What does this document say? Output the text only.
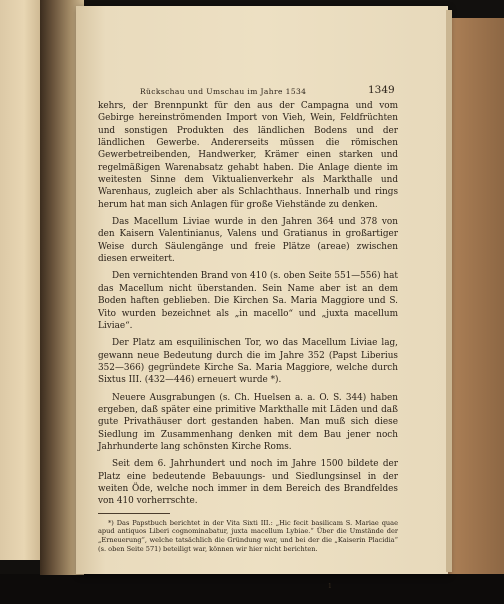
Rückschau und Umschau im Jahre 1534	1349

kehrs, der Brennpunkt für den aus der Campagna und vom Gebirge hereinströmenden Import von Vieh, Wein, Feldfrüchten und sonstigen Produkten des ländlichen Bodens und der ländlichen Gewerbe. Andererseits müssen die römischen Gewerbetreibenden, Handwerker, Krämer einen starken und regelmäßigen Warenabsatz gehabt haben. Die Anlage diente im weitesten Sinne dem Viktualienverkehr als Markthalle und Warenhaus, zugleich aber als Schlachthaus. Innerhalb und rings herum hat man sich Anlagen für große Viehstände zu denken.

Das Macellum Liviae wurde in den Jahren 364 und 378 von den Kaisern Valentinianus, Valens und Gratianus in großartiger Weise durch Säulengänge und freie Plätze (areae) zwischen diesen erweitert.

Den vernichtenden Brand von 410 (s. oben Seite 551—556) hat das Macellum nicht überstanden. Sein Name aber ist an dem Boden haften geblieben. Die Kirchen Sa. Maria Maggiore und S. Vito wurden bezeichnet als „in macello“ und „juxta macellum Liviae“.

Der Platz am esquilinischen Tor, wo das Macellum Liviae lag, gewann neue Bedeutung durch die im Jahre 352 (Papst Liberius 352—366) gegründete Kirche Sa. Maria Maggiore, welche durch Sixtus III. (432—446) erneuert wurde *).

Neuere Ausgrabungen (s. Ch. Huelsen a. a. O. S. 344) haben ergeben, daß später eine primitive Markthalle mit Läden und daß gute Privathäuser dort gestanden haben. Man muß sich diese Siedlung im Zusammenhang denken mit dem Bau jener noch Jahrhunderte lang schönsten Kirche Roms.

Seit dem 6. Jahrhundert und noch im Jahre 1500 bildete der Platz eine bedeutende Bebauungs- und Siedlungsinsel in der weiten Öde, welche noch immer in dem Bereich des Brandfeldes von 410 vorherrschte.

*) Das Papstbuch berichtet in der Vita Sixti III.: „Hic fecit basilicam S. Mariae quae apud antiquos Liberi cognominabatur, juxta macellum Lybiae.“ Über die Umstände der „Erneuerung“, welche tatsächlich die Gründung war, und bei der die „Kaiserin Placidia“ (s. oben Seite 571) beteiligt war, können wir hier nicht berichten.

1
